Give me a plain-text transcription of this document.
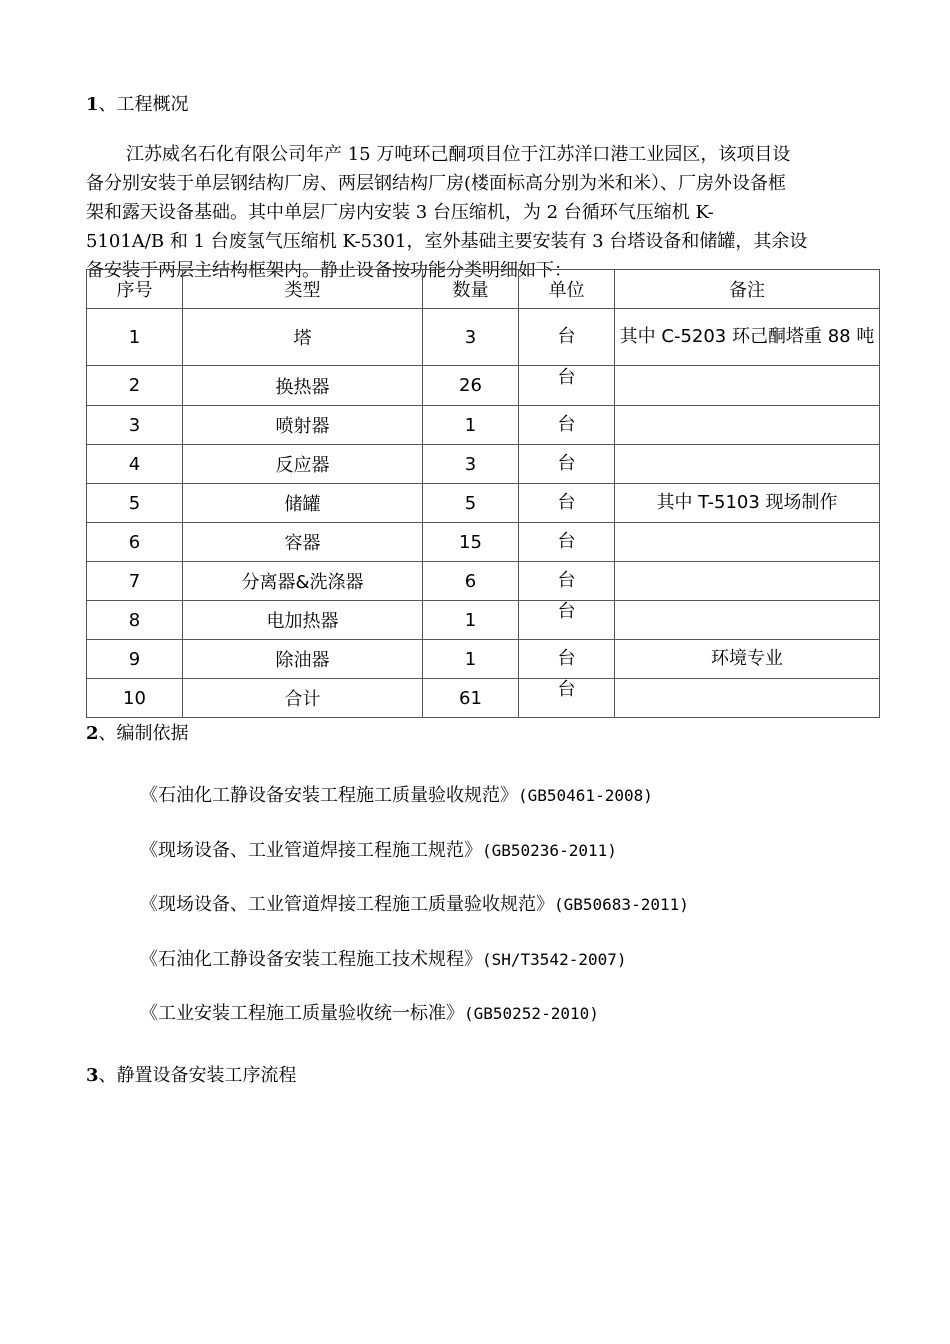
1、工程概况
江苏威名石化有限公司年产 15 万吨环己酮项目位于江苏洋口港工业园区，该项目设
备分别安装于单层钢结构厂房、两层钢结构厂房(楼面标高分别为米和米）、厂房外设备框
架和露天设备基础。其中单层厂房内安装 3 台压缩机，为 2 台循环气压缩机 K-
5101A/B 和 1 台废氢气压缩机 K-5301，室外基础主要安装有 3 台塔设备和储罐，其余设
备安装于两层主结构框架内。静止设备按功能分类明细如下：
序号	类型	数量	单位	备注
1	塔	3	台	其中 C-5203 环己酮塔重 88 吨
2	换热器	26	台	
3	喷射器	1	台	
4	反应器	3	台	
5	储罐	5	台	其中 T-5103 现场制作
6	容器	15	台	
7	分离器&洗涤器	6	台	
8	电加热器	1	台	
9	除油器	1	台	环境专业
10	合计	61	台	
2、编制依据
《石油化工静设备安装工程施工质量验收规范》(GB50461-2008)
《现场设备、工业管道焊接工程施工规范》(GB50236-2011)
《现场设备、工业管道焊接工程施工质量验收规范》(GB50683-2011)
《石油化工静设备安装工程施工技术规程》(SH/T3542-2007)
《工业安装工程施工质量验收统一标准》(GB50252-2010)
3、静置设备安装工序流程
